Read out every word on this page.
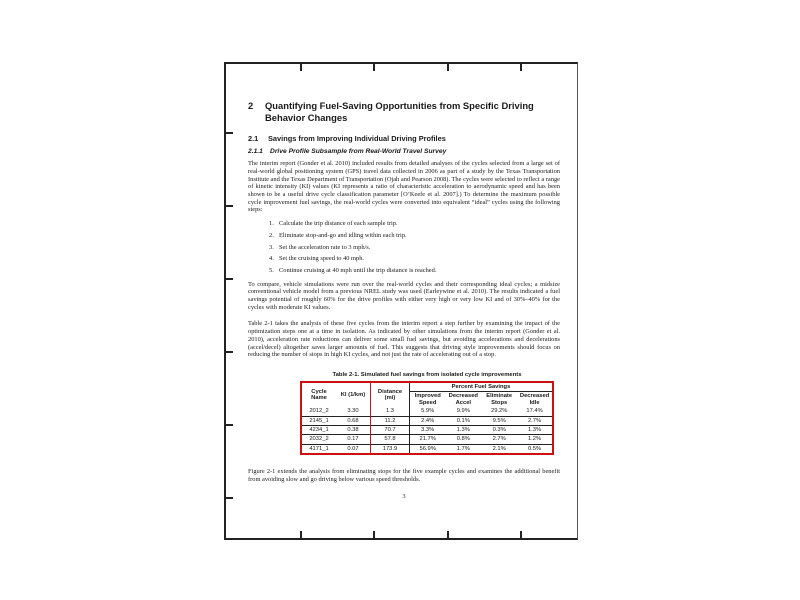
2	Quantifying Fuel-Saving Opportunities from Specific Driving Behavior Changes
2.1	Savings from Improving Individual Driving Profiles
2.1.1	Drive Profile Subsample from Real-World Travel Survey

The interim report (Gonder et al. 2010) included results from detailed analyses of the cycles selected from a large set of real-world global positioning system (GPS) travel data collected in 2006 as part of a study by the Texas Transportation Institute and the Texas Department of Transportation (Ojah and Pearson 2008). The cycles were selected to reflect a range of kinetic intensity (KI) values (KI represents a ratio of characteristic acceleration to aerodynamic speed and has been shown to be a useful drive cycle classification parameter [O’Keefe et al. 2007].) To determine the maximum possible cycle improvement fuel savings, the real-world cycles were converted into equivalent “ideal” cycles using the following steps:

1. Calculate the trip distance of each sample trip.
2. Eliminate stop-and-go and idling within each trip.
3. Set the acceleration rate to 3 mph/s.
4. Set the cruising speed to 40 mph.
5. Continue cruising at 40 mph until the trip distance is reached.

To compare, vehicle simulations were run over the real-world cycles and their corresponding ideal cycles; a midsize conventional vehicle model from a previous NREL study was used (Earleywine et al. 2010). The results indicated a fuel savings potential of roughly 60% for the drive profiles with either very high or very low KI and of 30%–40% for the cycles with moderate KI values.

Table 2-1 takes the analysis of these five cycles from the interim report a step further by examining the impact of the optimization steps one at a time in isolation. As indicated by other simulations from the interim report (Gonder et al. 2010), acceleration rate reductions can deliver some small fuel savings, but avoiding accelerations and decelerations (accel/decel) altogether saves larger amounts of fuel. This suggests that driving style improvements should focus on reducing the number of stops in high KI cycles, and not just the rate of accelerating out of a stop.

Table 2-1. Simulated fuel savings from isolated cycle improvements
Cycle Name	KI (1/km)	Distance (mi)	Percent Fuel Savings			
			Improved Speed	Decreased Accel	Eliminate Stops	Decreased Idle
2012_2	3.30	1.3	5.9%	9.9%	29.2%	17.4%
2145_1	0.68	11.2	2.4%	0.1%	9.5%	2.7%
4234_1	0.38	70.7	3.3%	1.3%	0.3%	1.3%
2032_2	0.17	57.8	21.7%	0.8%	2.7%	1.2%
4171_1	0.07	173.9	56.9%	1.7%	2.1%	0.5%

Figure 2-1 extends the analysis from eliminating stops for the five example cycles and examines the additional benefit from avoiding slow and go driving below various speed thresholds.

3
